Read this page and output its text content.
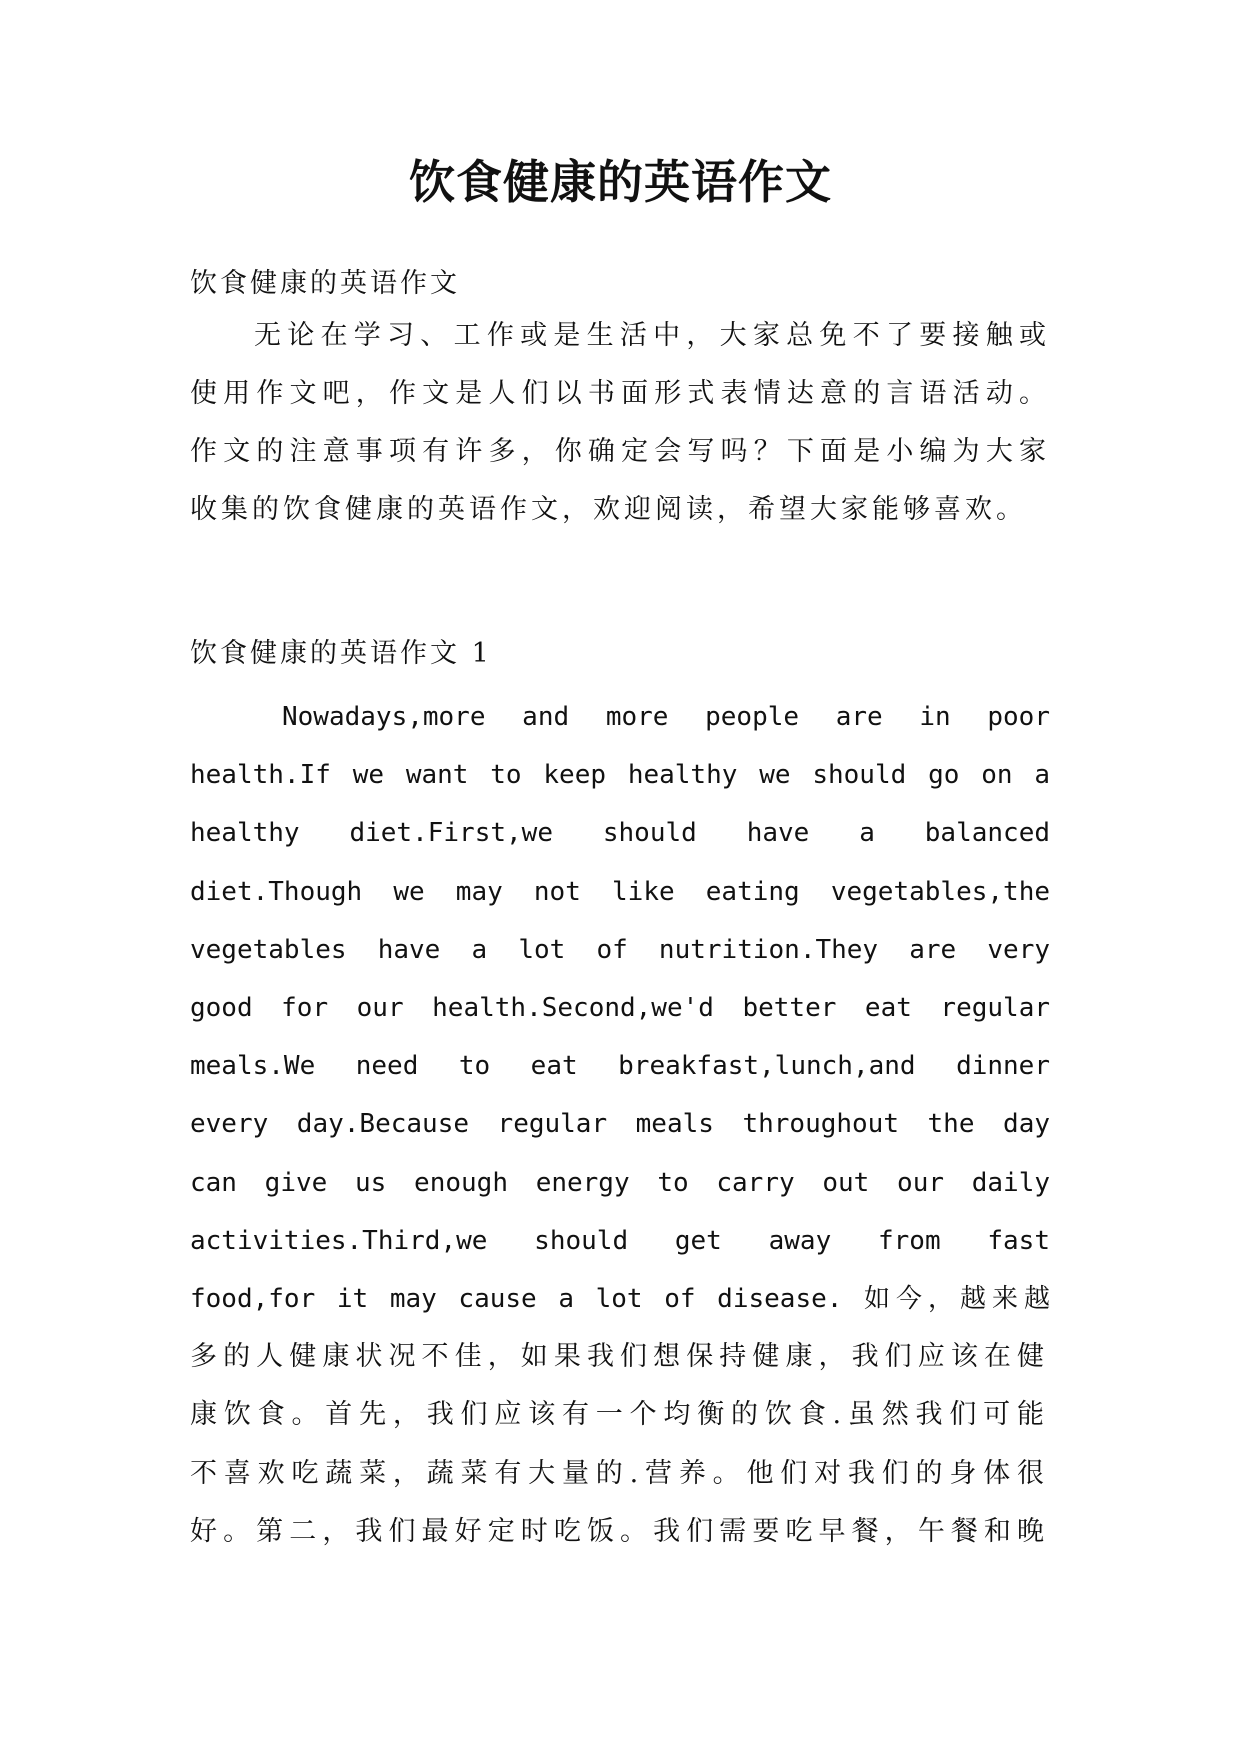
饮食健康的英语作文

饮食健康的英语作文

无论在学习、工作或是生活中，大家总免不了要接触或
使用作文吧，作文是人们以书面形式表情达意的言语活动。
作文的注意事项有许多，你确定会写吗？下面是小编为大家
收集的饮食健康的英语作文，欢迎阅读，希望大家能够喜欢。

饮食健康的英语作文 1

Nowadays,more and more people are in poor
health.If we want to keep healthy we should go on a
healthy diet.First,we should have a balanced
diet.Though we may not like eating vegetables,the
vegetables have a lot of nutrition.They are very
good for our health.Second,we'd better eat regular
meals.We need to eat breakfast,lunch,and dinner
every day.Because regular meals throughout the day
can give us enough energy to carry out our daily
activities.Third,we should get away from fast
food,for it may cause a lot of disease. 如今，越来越
多的人健康状况不佳，如果我们想保持健康，我们应该在健
康饮食。首先，我们应该有一个均衡的饮食.虽然我们可能
不喜欢吃蔬菜，蔬菜有大量的.营养。他们对我们的身体很
好。第二，我们最好定时吃饭。我们需要吃早餐，午餐和晚
